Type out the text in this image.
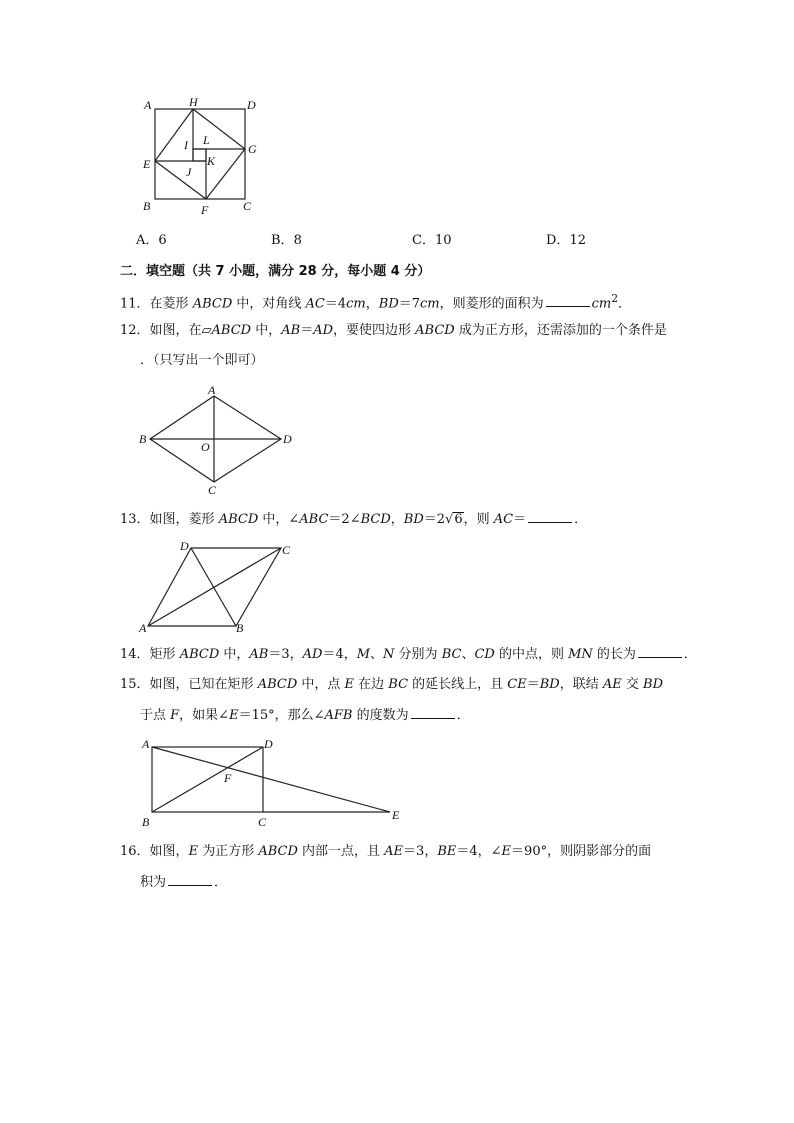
A	H	D
L
I	G
E	K
J
B	F	C
A．6	B．8	C．10	D．12
二．填空题（共 7 小题，满分 28 分，每小题 4 分）
11．在菱形 ABCD 中，对角线 AC＝4cm，BD＝7cm，则菱形的面积为	$cm^2$．
12．如图，在▱ABCD 中，AB＝AD，要使四边形 ABCD 成为正方形，还需添加的一个条件是
．（只写出一个即可）
A
B
O
D
C
13．如图，菱形 ABCD 中，∠ABC＝2∠BCD，BD＝2√6，则 AC＝	．
D	C
A	B
14．矩形 ABCD 中，AB＝3，AD＝4，M、N 分别为 BC、CD 的中点，则 MN 的长为	．
15．如图，已知在矩形 ABCD 中，点 E 在边 BC 的延长线上，且 CE＝BD，联结 AE 交 BD
于点 F，如果∠E＝15°，那么∠AFB 的度数为	．
A	D
F
B	C	E
16．如图，E 为正方形 ABCD 内部一点，且 AE＝3，BE＝4，∠E＝90°，则阴影部分的面
积为	．
